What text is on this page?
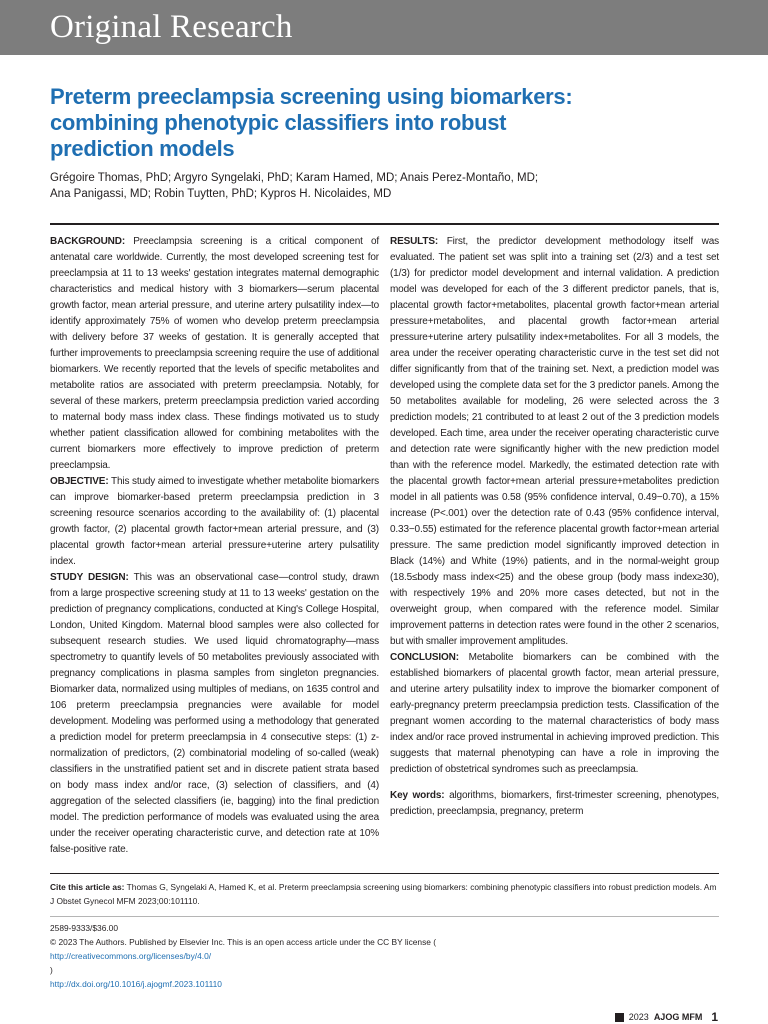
Original Research
Preterm preeclampsia screening using biomarkers:
combining phenotypic classifiers into robust
prediction models
Grégoire Thomas, PhD; Argyro Syngelaki, PhD; Karam Hamed, MD; Anais Perez-Montaño, MD;
Ana Panigassi, MD; Robin Tuytten, PhD; Kypros H. Nicolaides, MD

BACKGROUND: Preeclampsia screening is a critical component of antenatal care worldwide. Currently, the most developed screening test for preeclampsia at 11 to 13 weeks' gestation integrates maternal demographic characteristics and medical history with 3 biomarkers—serum placental growth factor, mean arterial pressure, and uterine artery pulsatility index—to identify approximately 75% of women who develop preterm preeclampsia with delivery before 37 weeks of gestation. It is generally accepted that further improvements to preeclampsia screening require the use of additional biomarkers. We recently reported that the levels of specific metabolites and metabolite ratios are associated with preterm preeclampsia. Notably, for several of these markers, preterm preeclampsia prediction varied according to maternal body mass index class. These findings motivated us to study whether patient classification allowed for combining metabolites with the current biomarkers more effectively to improve prediction of preterm preeclampsia.

OBJECTIVE: This study aimed to investigate whether metabolite biomarkers can improve biomarker-based preterm preeclampsia prediction in 3 screening resource scenarios according to the availability of: (1) placental growth factor, (2) placental growth factor+mean arterial pressure, and (3) placental growth factor+mean arterial pressure+uterine artery pulsatility index.

STUDY DESIGN: This was an observational case—control study, drawn from a large prospective screening study at 11 to 13 weeks' gestation on the prediction of pregnancy complications, conducted at King's College Hospital, London, United Kingdom. Maternal blood samples were also collected for subsequent research studies. We used liquid chromatography—mass spectrometry to quantify levels of 50 metabolites previously associated with pregnancy complications in plasma samples from singleton pregnancies. Biomarker data, normalized using multiples of medians, on 1635 control and 106 preterm preeclampsia pregnancies were available for model development. Modeling was performed using a methodology that generated a prediction model for preterm preeclampsia in 4 consecutive steps: (1) z-normalization of predictors, (2) combinatorial modeling of so-called (weak) classifiers in the unstratified patient set and in discrete patient strata based on body mass index and/or race, (3) selection of classifiers, and (4) aggregation of the selected classifiers (ie, bagging) into the final prediction model. The prediction performance of models was evaluated using the area under the receiver operating characteristic curve, and detection rate at 10% false-positive rate.

RESULTS: First, the predictor development methodology itself was evaluated. The patient set was split into a training set (2/3) and a test set (1/3) for predictor model development and internal validation. A prediction model was developed for each of the 3 different predictor panels, that is, placental growth factor+metabolites, placental growth factor+mean arterial pressure+metabolites, and placental growth factor+mean arterial pressure+uterine artery pulsatility index+metabolites. For all 3 models, the area under the receiver operating characteristic curve in the test set did not differ significantly from that of the training set. Next, a prediction model was developed using the complete data set for the 3 predictor panels. Among the 50 metabolites available for modeling, 26 were selected across the 3 prediction models; 21 contributed to at least 2 out of the 3 prediction models developed. Each time, area under the receiver operating characteristic curve and detection rate were significantly higher with the new prediction model than with the reference model. Markedly, the estimated detection rate with the placental growth factor+mean arterial pressure+metabolites prediction model in all patients was 0.58 (95% confidence interval, 0.49−0.70), a 15% increase (P<.001) over the detection rate of 0.43 (95% confidence interval, 0.33−0.55) estimated for the reference placental growth factor+mean arterial pressure. The same prediction model significantly improved detection in Black (14%) and White (19%) patients, and in the normal-weight group (18.5≤body mass index<25) and the obese group (body mass index≥30), with respectively 19% and 20% more cases detected, but not in the overweight group, when compared with the reference model. Similar improvement patterns in detection rates were found in the other 2 scenarios, but with smaller improvement amplitudes.

CONCLUSION: Metabolite biomarkers can be combined with the established biomarkers of placental growth factor, mean arterial pressure, and uterine artery pulsatility index to improve the biomarker component of early-pregnancy preterm preeclampsia prediction tests. Classification of the pregnant women according to the maternal characteristics of body mass index and/or race proved instrumental in achieving improved prediction. This suggests that maternal phenotyping can have a role in improving the prediction of obstetrical syndromes such as preeclampsia.

Key words: algorithms, biomarkers, first-trimester screening, phenotypes, prediction, preeclampsia, pregnancy, preterm

Cite this article as: Thomas G, Syngelaki A, Hamed K, et al. Preterm preeclampsia screening using biomarkers: combining phenotypic classifiers into robust prediction models. Am J Obstet Gynecol MFM 2023;00:101110.
2589-9333/$36.00
© 2023 The Authors. Published by Elsevier Inc. This is an open access article under the CC BY license (
http://creativecommons.org/licenses/by/4.0/
)
http://dx.doi.org/10.1016/j.ajogmf.2023.101110
2023 AJOG MFM 1
